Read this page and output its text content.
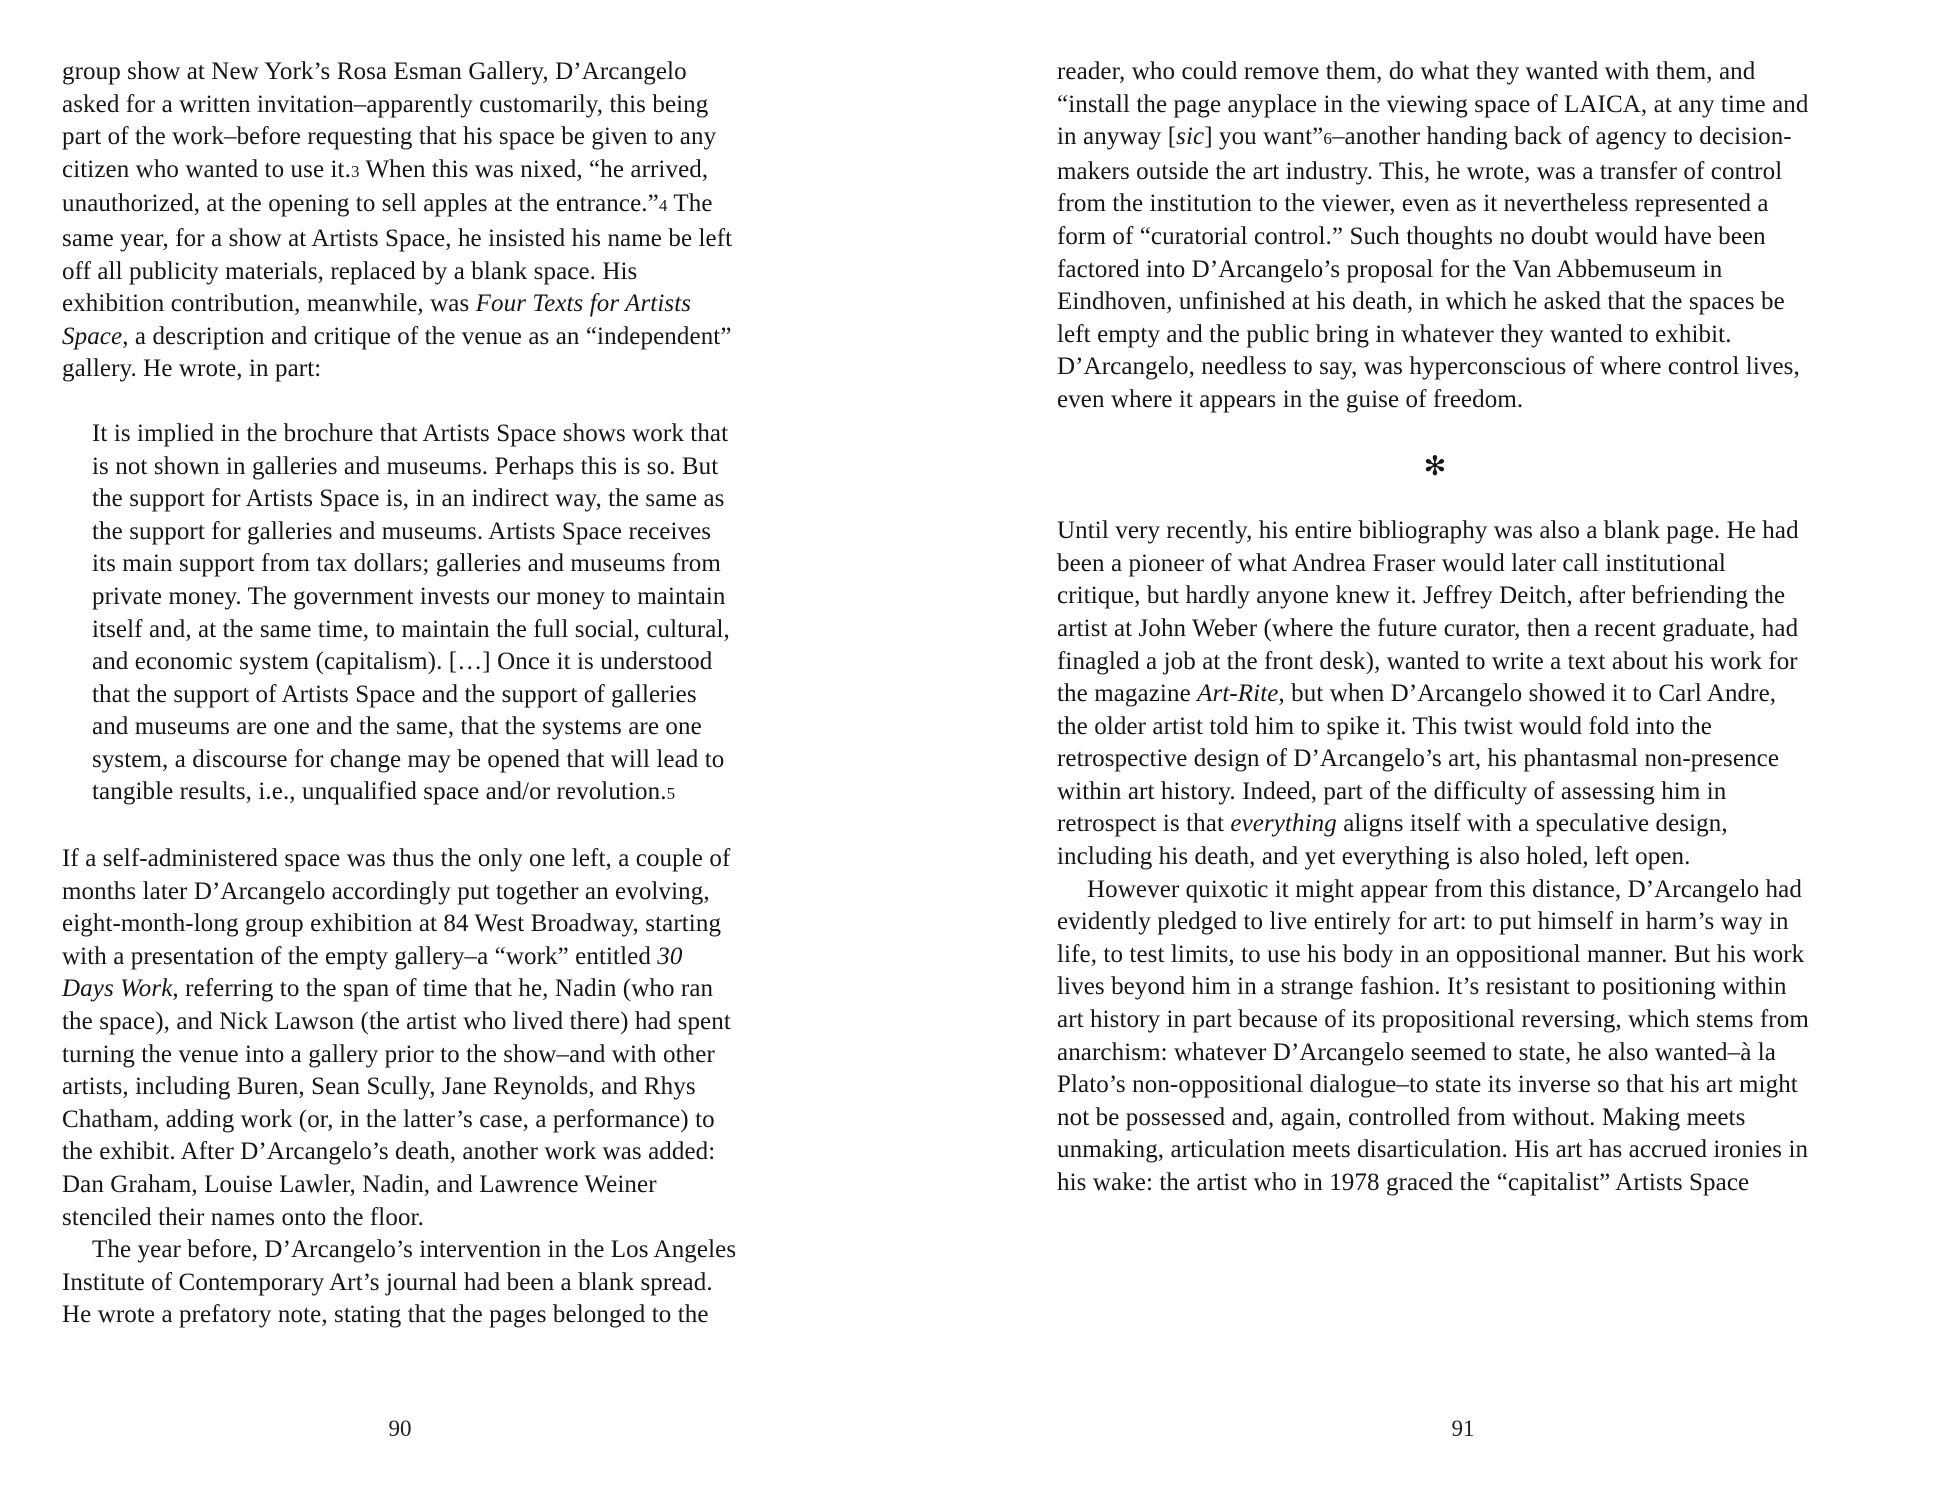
group show at New York’s Rosa Esman Gallery, D’Arcangelo asked for a written invitation–apparently customarily, this being part of the work–before requesting that his space be given to any citizen who wanted to use it.3 When this was nixed, “he arrived, unauthorized, at the opening to sell apples at the entrance.”4 The same year, for a show at Artists Space, he insisted his name be left off all publicity materials, replaced by a blank space. His exhibition contribution, meanwhile, was Four Texts for Artists Space, a description and critique of the venue as an “independent” gallery. He wrote, in part:
It is implied in the brochure that Artists Space shows work that is not shown in galleries and museums. Perhaps this is so. But the support for Artists Space is, in an indirect way, the same as the support for galleries and museums. Artists Space receives its main support from tax dollars; galleries and museums from private money. The government invests our money to maintain itself and, at the same time, to maintain the full social, cultural, and economic system (capitalism). […] Once it is understood that the support of Artists Space and the support of galleries and museums are one and the same, that the systems are one system, a discourse for change may be opened that will lead to tangible results, i.e., unqualified space and/or revolution.5
If a self-administered space was thus the only one left, a couple of months later D’Arcangelo accordingly put together an evolving, eight-month-long group exhibition at 84 West Broadway, starting with a presentation of the empty gallery–a “work” entitled 30 Days Work, referring to the span of time that he, Nadin (who ran the space), and Nick Lawson (the artist who lived there) had spent turning the venue into a gallery prior to the show–and with other artists, including Buren, Sean Scully, Jane Reynolds, and Rhys Chatham, adding work (or, in the latter’s case, a performance) to the exhibit. After D’Arcangelo’s death, another work was added: Dan Graham, Louise Lawler, Nadin, and Lawrence Weiner stenciled their names onto the floor.
The year before, D’Arcangelo’s intervention in the Los Angeles Institute of Contemporary Art’s journal had been a blank spread. He wrote a prefatory note, stating that the pages belonged to the
reader, who could remove them, do what they wanted with them, and “install the page anyplace in the viewing space of LAICA, at any time and in anyway [sic] you want”6–another handing back of agency to decision-makers outside the art industry. This, he wrote, was a transfer of control from the institution to the viewer, even as it nevertheless represented a form of “curatorial control.” Such thoughts no doubt would have been factored into D’Arcangelo’s proposal for the Van Abbemuseum in Eindhoven, unfinished at his death, in which he asked that the spaces be left empty and the public bring in whatever they wanted to exhibit. D’Arcangelo, needless to say, was hyperconscious of where control lives, even where it appears in the guise of freedom.
✻
Until very recently, his entire bibliography was also a blank page. He had been a pioneer of what Andrea Fraser would later call institutional critique, but hardly anyone knew it. Jeffrey Deitch, after befriending the artist at John Weber (where the future curator, then a recent graduate, had finagled a job at the front desk), wanted to write a text about his work for the magazine Art-Rite, but when D’Arcangelo showed it to Carl Andre, the older artist told him to spike it. This twist would fold into the retrospective design of D’Arcangelo’s art, his phantasmal non-presence within art history. Indeed, part of the difficulty of assessing him in retrospect is that everything aligns itself with a speculative design, including his death, and yet everything is also holed, left open.
However quixotic it might appear from this distance, D’Arcangelo had evidently pledged to live entirely for art: to put himself in harm’s way in life, to test limits, to use his body in an oppositional manner. But his work lives beyond him in a strange fashion. It’s resistant to positioning within art history in part because of its propositional reversing, which stems from anarchism: whatever D’Arcangelo seemed to state, he also wanted–à la Plato’s non-oppositional dialogue–to state its inverse so that his art might not be possessed and, again, controlled from without. Making meets unmaking, articulation meets disarticulation. His art has accrued ironies in his wake: the artist who in 1978 graced the “capitalist” Artists Space
90	91
